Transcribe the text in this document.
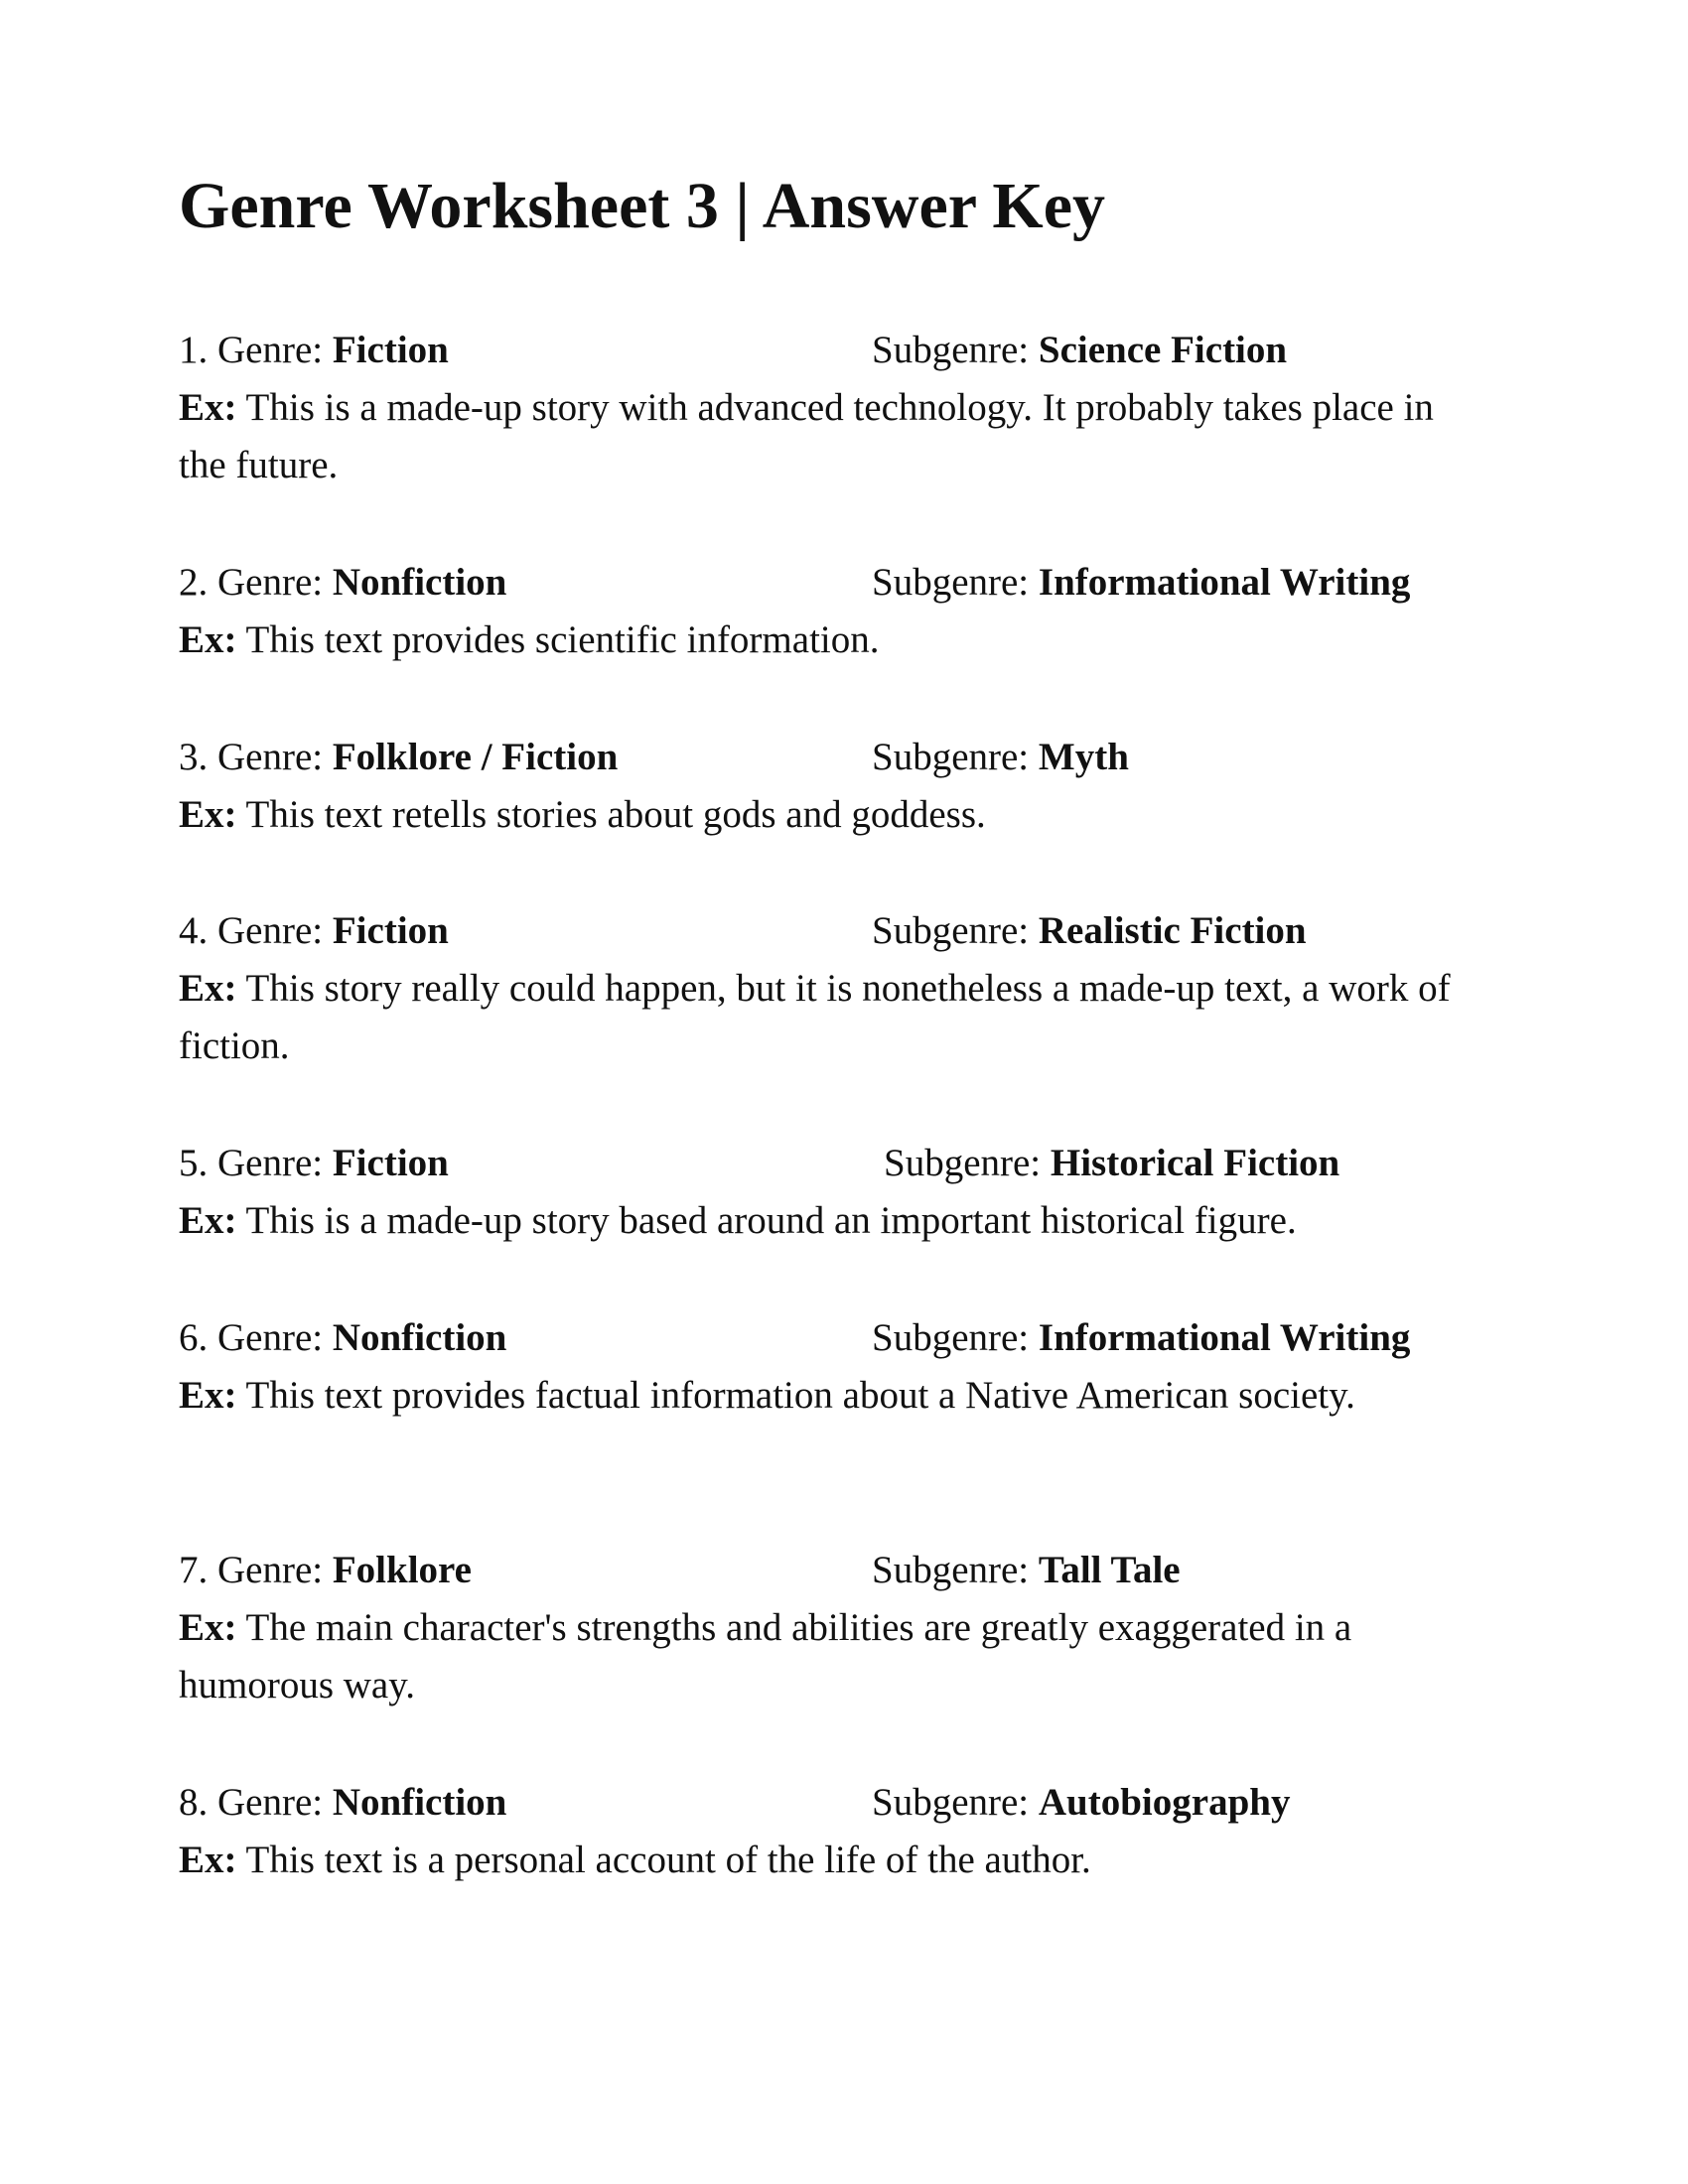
Genre Worksheet 3 | Answer Key
1. Genre: Fiction	Subgenre: Science Fiction
Ex: This is a made-up story with advanced technology. It probably takes place in the future.
2. Genre: Nonfiction	Subgenre: Informational Writing
Ex: This text provides scientific information.
3. Genre: Folklore / Fiction	Subgenre: Myth
Ex: This text retells stories about gods and goddess.
4. Genre: Fiction	Subgenre: Realistic Fiction
Ex: This story really could happen, but it is nonetheless a made-up text, a work of fiction.
5. Genre: Fiction	Subgenre: Historical Fiction
Ex: This is a made-up story based around an important historical figure.
6. Genre: Nonfiction	Subgenre: Informational Writing
Ex: This text provides factual information about a Native American society.
7. Genre: Folklore	Subgenre: Tall Tale
Ex: The main character's strengths and abilities are greatly exaggerated in a humorous way.
8. Genre: Nonfiction	Subgenre: Autobiography
Ex: This text is a personal account of the life of the author.
